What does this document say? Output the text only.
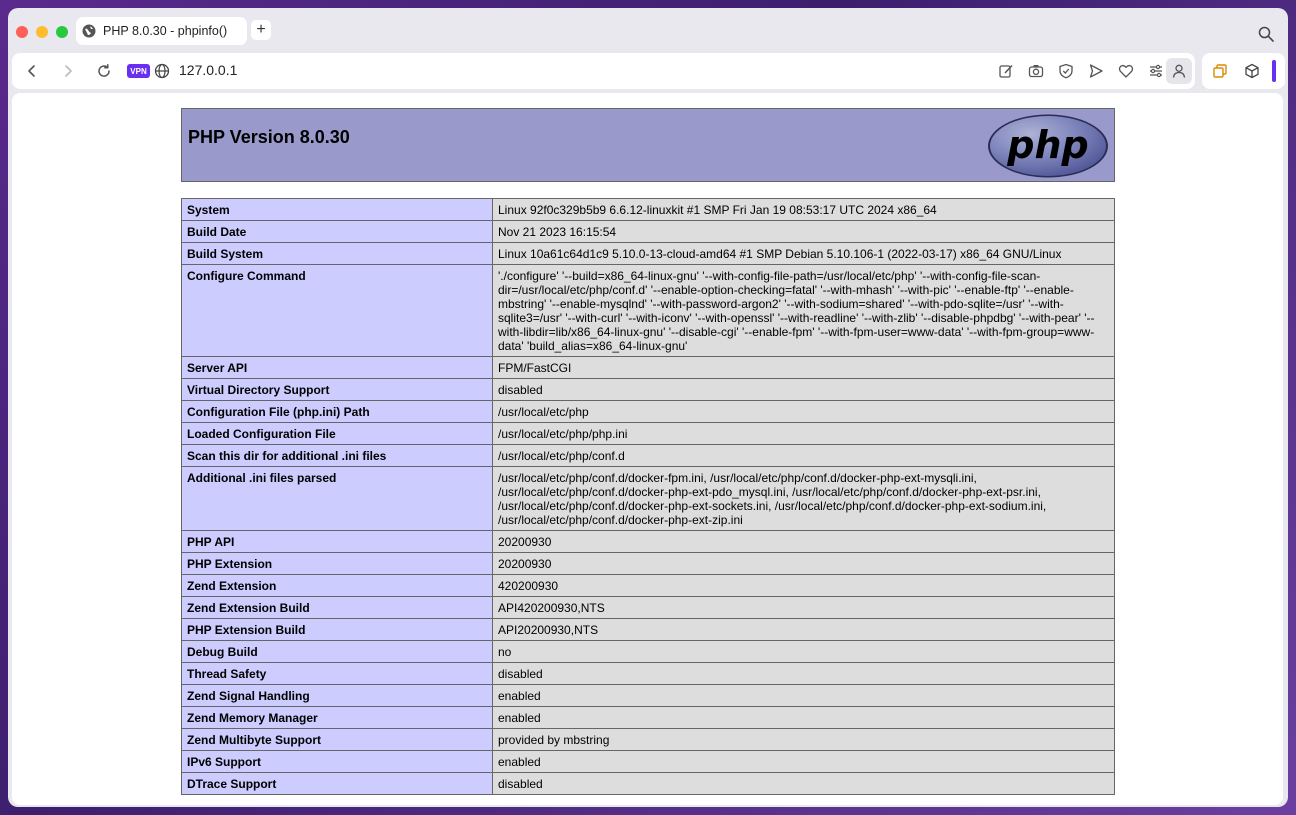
PHP 8.0.30 - phpinfo()	+
VPN 127.0.0.1
PHP Version 8.0.30	php
System	Linux 92f0c329b5b9 6.6.12-linuxkit #1 SMP Fri Jan 19 08:53:17 UTC 2024 x86_64
Build Date	Nov 21 2023 16:15:54
Build System	Linux 10a61c64d1c9 5.10.0-13-cloud-amd64 #1 SMP Debian 5.10.106-1 (2022-03-17) x86_64 GNU/Linux
Configure Command	'./configure' '--build=x86_64-linux-gnu' '--with-config-file-path=/usr/local/etc/php' '--with-config-file-scan-dir=/usr/local/etc/php/conf.d' '--enable-option-checking=fatal' '--with-mhash' '--with-pic' '--enable-ftp' '--enable-mbstring' '--enable-mysqlnd' '--with-password-argon2' '--with-sodium=shared' '--with-pdo-sqlite=/usr' '--with-sqlite3=/usr' '--with-curl' '--with-iconv' '--with-openssl' '--with-readline' '--with-zlib' '--disable-phpdbg' '--with-pear' '--with-libdir=lib/x86_64-linux-gnu' '--disable-cgi' '--enable-fpm' '--with-fpm-user=www-data' '--with-fpm-group=www-data' 'build_alias=x86_64-linux-gnu'
Server API	FPM/FastCGI
Virtual Directory Support	disabled
Configuration File (php.ini) Path	/usr/local/etc/php
Loaded Configuration File	/usr/local/etc/php/php.ini
Scan this dir for additional .ini files	/usr/local/etc/php/conf.d
Additional .ini files parsed	/usr/local/etc/php/conf.d/docker-fpm.ini, /usr/local/etc/php/conf.d/docker-php-ext-mysqli.ini, /usr/local/etc/php/conf.d/docker-php-ext-pdo_mysql.ini, /usr/local/etc/php/conf.d/docker-php-ext-psr.ini, /usr/local/etc/php/conf.d/docker-php-ext-sockets.ini, /usr/local/etc/php/conf.d/docker-php-ext-sodium.ini, /usr/local/etc/php/conf.d/docker-php-ext-zip.ini
PHP API	20200930
PHP Extension	20200930
Zend Extension	420200930
Zend Extension Build	API420200930,NTS
PHP Extension Build	API20200930,NTS
Debug Build	no
Thread Safety	disabled
Zend Signal Handling	enabled
Zend Memory Manager	enabled
Zend Multibyte Support	provided by mbstring
IPv6 Support	enabled
DTrace Support	disabled
